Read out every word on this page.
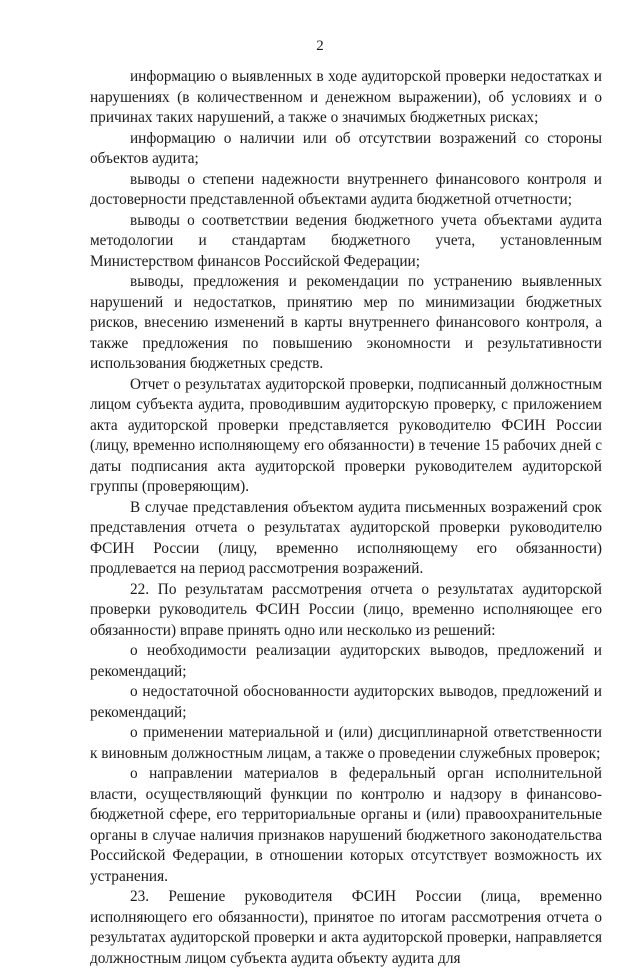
2

информацию о выявленных в ходе аудиторской проверки недостатках и нарушениях (в количественном и денежном выражении), об условиях и о причинах таких нарушений, а также о значимых бюджетных рисках;

информацию о наличии или об отсутствии возражений со стороны объектов аудита;

выводы о степени надежности внутреннего финансового контроля и достоверности представленной объектами аудита бюджетной отчетности;

выводы о соответствии ведения бюджетного учета объектами аудита методологии и стандартам бюджетного учета, установленным Министерством финансов Российской Федерации;

выводы, предложения и рекомендации по устранению выявленных нарушений и недостатков, принятию мер по минимизации бюджетных рисков, внесению изменений в карты внутреннего финансового контроля, а также предложения по повышению экономности и результативности использования бюджетных средств.

Отчет о результатах аудиторской проверки, подписанный должностным лицом субъекта аудита, проводившим аудиторскую проверку, с приложением акта аудиторской проверки представляется руководителю ФСИН России (лицу, временно исполняющему его обязанности) в течение 15 рабочих дней с даты подписания акта аудиторской проверки руководителем аудиторской группы (проверяющим).

В случае представления объектом аудита письменных возражений срок представления отчета о результатах аудиторской проверки руководителю ФСИН России (лицу, временно исполняющему его обязанности) продлевается на период рассмотрения возражений.

22. По результатам рассмотрения отчета о результатах аудиторской проверки руководитель ФСИН России (лицо, временно исполняющее его обязанности) вправе принять одно или несколько из решений:

о необходимости реализации аудиторских выводов, предложений и рекомендаций;

о недостаточной обоснованности аудиторских выводов, предложений и рекомендаций;

о применении материальной и (или) дисциплинарной ответственности к виновным должностным лицам, а также о проведении служебных проверок;

о направлении материалов в федеральный орган исполнительной власти, осуществляющий функции по контролю и надзору в финансово-бюджетной сфере, его территориальные органы и (или) правоохранительные органы в случае наличия признаков нарушений бюджетного законодательства Российской Федерации, в отношении которых отсутствует возможность их устранения.

23. Решение руководителя ФСИН России (лица, временно исполняющего его обязанности), принятое по итогам рассмотрения отчета о результатах аудиторской проверки и акта аудиторской проверки, направляется должностным лицом субъекта аудита объекту аудита для
